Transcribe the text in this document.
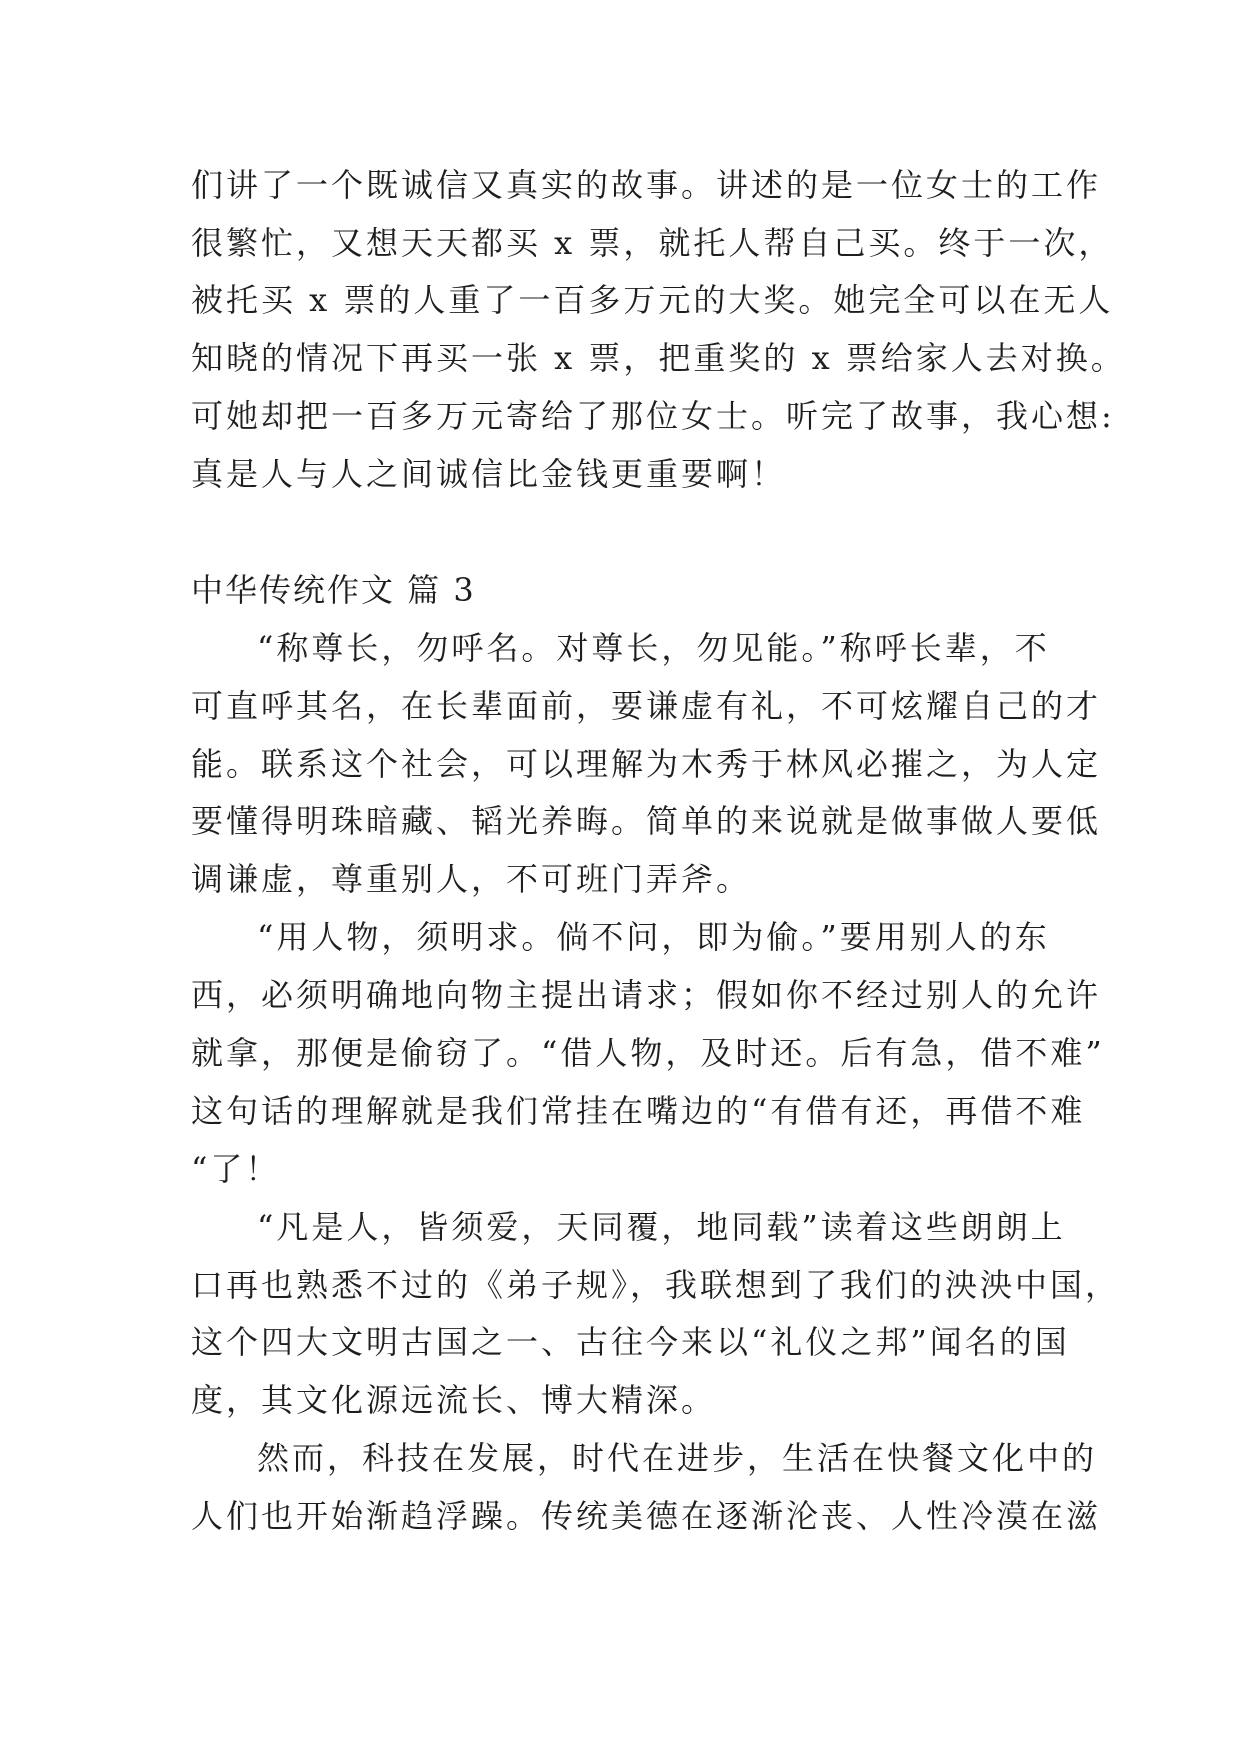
们讲了一个既诚信又真实的故事。讲述的是一位女士的工作
很繁忙，又想天天都买 x 票，就托人帮自己买。终于一次，
被托买 x 票的人重了一百多万元的大奖。她完全可以在无人
知晓的情况下再买一张 x 票，把重奖的 x 票给家人去对换。
可她却把一百多万元寄给了那位女士。听完了故事，我心想:
真是人与人之间诚信比金钱更重要啊！
中华传统作文 篇 3
“称尊长，勿呼名。对尊长，勿见能。”称呼长辈，不
可直呼其名，在长辈面前，要谦虚有礼，不可炫耀自己的才
能。联系这个社会，可以理解为木秀于林风必摧之，为人定
要懂得明珠暗藏、韬光养晦。简单的来说就是做事做人要低
调谦虚，尊重别人，不可班门弄斧。
“用人物，须明求。倘不问，即为偷。”要用别人的东
西，必须明确地向物主提出请求；假如你不经过别人的允许
就拿，那便是偷窃了。“借人物，及时还。后有急，借不难”
这句话的理解就是我们常挂在嘴边的“有借有还，再借不难
“了！
“凡是人，皆须爱，天同覆，地同载”读着这些朗朗上
口再也熟悉不过的《弟子规》，我联想到了我们的泱泱中国，
这个四大文明古国之一、古往今来以“礼仪之邦”闻名的国
度，其文化源远流长、博大精深。
然而，科技在发展，时代在进步，生活在快餐文化中的
人们也开始渐趋浮躁。传统美德在逐渐沦丧、人性冷漠在滋
